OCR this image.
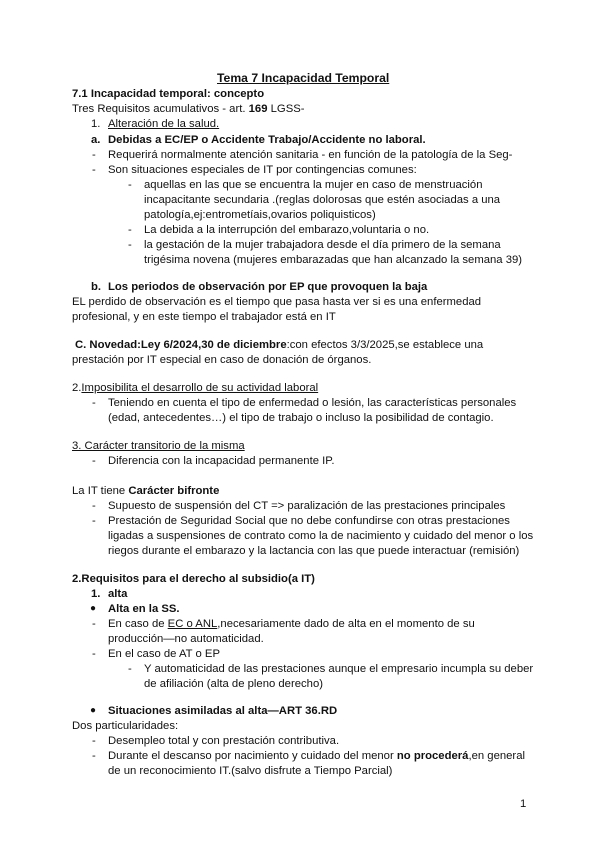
Tema 7 Incapacidad Temporal
7.1 Incapacidad temporal: concepto
Tres Requisitos acumulativos - art. 169 LGSS-
1. Alteración de la salud.
a. Debidas a EC/EP o Accidente Trabajo/Accidente no laboral.
- Requerirá normalmente atención sanitaria - en función de la patología de la Seg-
- Son situaciones especiales de IT por contingencias comunes:
- aquellas en las que se encuentra la mujer en caso de menstruación
incapacitante secundaria .(reglas dolorosas que estén asociadas a una
patología,ej:entrometíais,ovarios poliquisticos)
- La debida a la interrupción del embarazo,voluntaria o no.
- la gestación de la mujer trabajadora desde el día primero de la semana
trigésima novena (mujeres embarazadas que han alcanzado la semana 39)
b. Los periodos de observación por EP que provoquen la baja
EL perdido de observación es el tiempo que pasa hasta ver si es una enfermedad
profesional, y en este tiempo el trabajador está en IT
C. Novedad:Ley 6/2024,30 de diciembre:con efectos 3/3/2025,se establece una
prestación por IT especial en caso de donación de órganos.
2.Imposibilita el desarrollo de su actividad laboral
- Teniendo en cuenta el tipo de enfermedad o lesión, las características personales
(edad, antecedentes…) el tipo de trabajo o incluso la posibilidad de contagio.
3. Carácter transitorio de la misma
- Diferencia con la incapacidad permanente IP.
La IT tiene Carácter bifronte
- Supuesto de suspensión del CT => paralización de las prestaciones principales
- Prestación de Seguridad Social que no debe confundirse con otras prestaciones
ligadas a suspensiones de contrato como la de nacimiento y cuidado del menor o los
riegos durante el embarazo y la lactancia con las que puede interactuar (remisión)
2.Requisitos para el derecho al subsidio(a IT)
1. alta
● Alta en la SS.
- En caso de EC o ANL,necesariamente dado de alta en el momento de su
producción—no automaticidad.
- En el caso de AT o EP
- Y automaticidad de las prestaciones aunque el empresario incumpla su deber
de afiliación (alta de pleno derecho)
● Situaciones asimiladas al alta—ART 36.RD
Dos particularidades:
- Desempleo total y con prestación contributiva.
- Durante el descanso por nacimiento y cuidado del menor no procederá,en general
de un reconocimiento IT.(salvo disfrute a Tiempo Parcial)
1
